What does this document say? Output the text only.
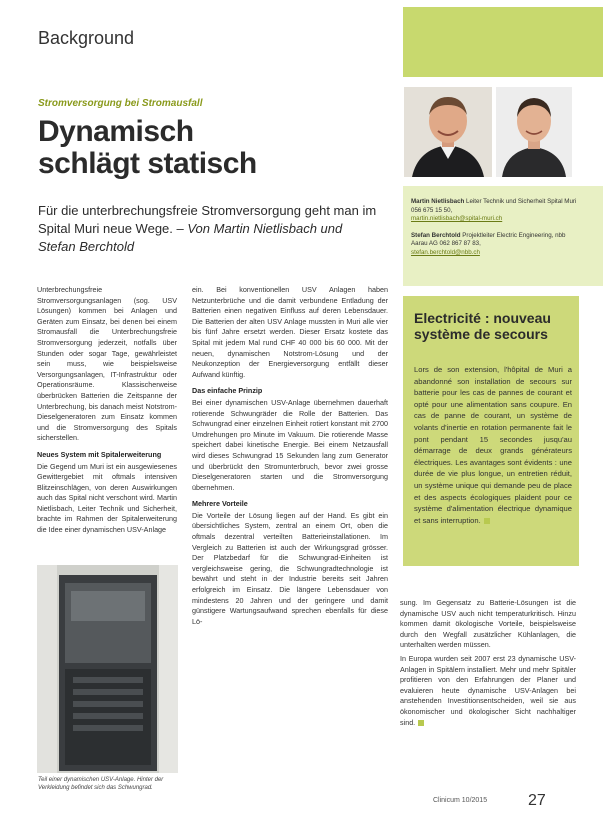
Background
Stromversorgung bei Stromausfall
Dynamisch
schlägt statisch
Für die unterbrechungsfreie Stromversorgung geht man im Spital Muri neue Wege. – Von Martin Nietlisbach und Stefan Berchtold
Martin Nietlisbach Leiter Technik und Sicherheit Spital Muri 056 675 15 50,
martin.nietlisbach@spital-muri.ch
Stefan Berchtold Projektleiter Electric Engineering, nbb Aarau AG 062 867 87 83,
stefan.berchtold@nbb.ch

Unterbrechungsfreie Stromversorgungsanlagen (sog. USV Lösungen) kommen bei Anlagen und Geräten zum Einsatz, bei denen bei einem Stromausfall die Unterbrechungsfreie Stromversorgung jederzeit, notfalls über Stunden oder sogar Tage, gewährleistet sein muss, wie beispielsweise Versorgungsanlagen, IT-Infrastruktur oder Operationsräume. Klassischerweise überbrücken Batterien die Zeitspanne der Unterbrechung, bis danach meist Notstrom-Dieselgeneratoren zum Einsatz kommen und die Stromversorgung des Spitals sicherstellen.

Neues System mit Spitalerweiterung

Die Gegend um Muri ist ein ausgewiesenes Gewittergebiet mit oftmals intensiven Blitzeinschlägen, von deren Auswirkungen auch das Spital nicht verschont wird. Martin Nietlisbach, Leiter Technik und Sicherheit, brachte im Rahmen der Spitalerweiterung die Idee einer dynamischen USV-Anlage

Teil einer dynamischen USV-Anlage. Hinter der Verkleidung befindet sich das Schwungrad.

ein. Bei konventionellen USV Anlagen haben Netzunterbrüche und die damit verbundene Entladung der Batterien einen negativen Einfluss auf deren Lebensdauer. Die Batterien der alten USV Anlage mussten in Muri alle vier bis fünf Jahre ersetzt werden. Dieser Ersatz kostete das Spital mit jedem Mal rund CHF 40 000 bis 60 000. Mit der neuen, dynamischen Notstrom-Lösung und der Neukonzeption der Energieversorgung entfällt dieser Aufwand künftig.

Das einfache Prinzip

Bei einer dynamischen USV-Anlage übernehmen dauerhaft rotierende Schwungräder die Rolle der Batterien. Das Schwungrad einer einzelnen Einheit rotiert konstant mit 2700 Umdrehungen pro Minute im Vakuum. Die rotierende Masse speichert dabei kinetische Energie. Bei einem Netzausfall wird dieses Schwungrad 15 Sekunden lang zum Generator und überbrückt den Stromunterbruch, bevor zwei grosse Dieselgeneratoren starten und die Stromversorgung übernehmen.

Mehrere Vorteile

Die Vorteile der Lösung liegen auf der Hand. Es gibt ein übersichtliches System, zentral an einem Ort, oben die oftmals dezentral verteilten Batterieinstallationen. Im Vergleich zu Batterien ist auch der Wirkungsgrad grösser. Der Platzbedarf für die Schwungrad-Einheiten ist vergleichsweise gering, die Schwungradtechnologie ist bewährt und steht in der Industrie bereits seit Jahren erfolgreich im Einsatz. Die längere Lebensdauer von mindestens 20 Jahren und der geringere und damit günstigere Wartungsaufwand sprechen ebenfalls für diese Lö-

Electricité : nouveau système de secours
Lors de son extension, l'hôpital de Muri a abandonné son installation de secours sur batterie pour les cas de pannes de courant et opté pour une alimentation sans coupure. En cas de panne de courant, un système de volants d'inertie en rotation permanente fait le pont pendant 15 secondes jusqu'au démarrage de deux grands générateurs électriques. Les avantages sont évidents : une durée de vie plus longue, un entretien réduit, un système unique qui demande peu de place et des aspects écologiques plaident pour ce système d'alimentation électrique dynamique et sans interruption.

sung. Im Gegensatz zu Batterie-Lösungen ist die dynamische USV auch nicht temperaturkritisch. Hinzu kommen damit ökologische Vorteile, beispielsweise durch den Wegfall zusätzlicher Kühlanlagen, die unterhalten werden müssen.

In Europa wurden seit 2007 erst 23 dynamische USV-Anlagen in Spitälern installiert. Mehr und mehr Spitäler profitieren von den Erfahrungen der Planer und evaluieren heute dynamische USV-Anlagen bei anstehenden Investitionsentscheiden, weil sie aus ökonomischer und ökologischer Sicht nachhaltiger sind.

Clinicum 10/2015	27
